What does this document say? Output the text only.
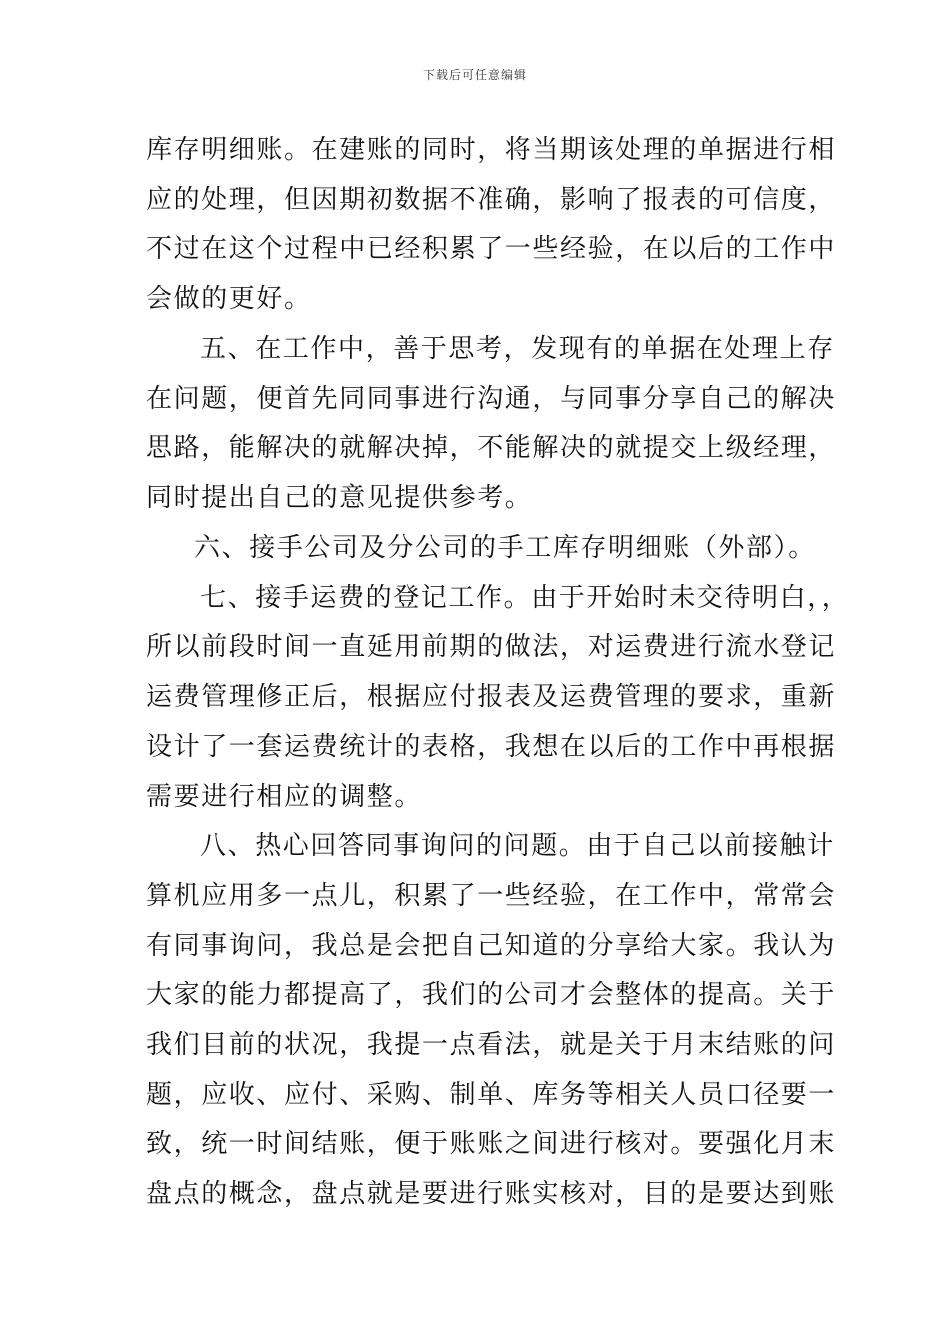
下载后可任意编辑
库存明细账。在建账的同时，将当期该处理的单据进行相
应的处理，但因期初数据不准确，影响了报表的可信度，
不过在这个过程中已经积累了一些经验，在以后的工作中
会做的更好。
五、在工作中，善于思考，发现有的单据在处理上存
在问题，便首先同同事进行沟通，与同事分享自己的解决
思路，能解决的就解决掉，不能解决的就提交上级经理，
同时提出自己的意见提供参考。
六、接手公司及分公司的手工库存明细账（外部）。
七、接手运费的登记工作。由于开始时未交待明白，，
所以前段时间一直延用前期的做法，对运费进行流水登记
运费管理修正后，根据应付报表及运费管理的要求，重新
设计了一套运费统计的表格，我想在以后的工作中再根据
需要进行相应的调整。
八、热心回答同事询问的问题。由于自己以前接触计
算机应用多一点儿，积累了一些经验，在工作中，常常会
有同事询问，我总是会把自己知道的分享给大家。我认为
大家的能力都提高了，我们的公司才会整体的提高。关于
我们目前的状况，我提一点看法，就是关于月末结账的问
题，应收、应付、采购、制单、库务等相关人员口径要一
致，统一时间结账，便于账账之间进行核对。要强化月末
盘点的概念，盘点就是要进行账实核对，目的是要达到账
